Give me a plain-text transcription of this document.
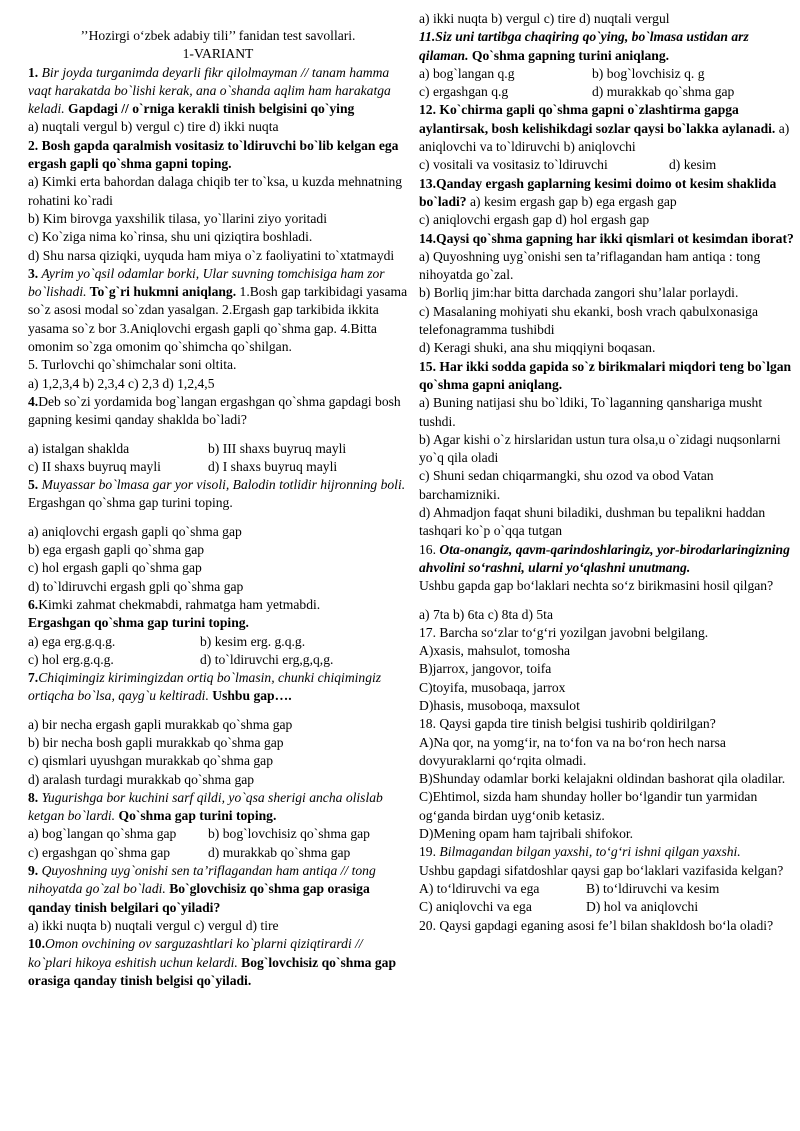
’’Hozirgi o‘zbek adabiy tili’’ fanidan test savollari.
1-VARIANT

1. Bir joyda turganimda deyarli fikr qilolmayman // tanam hamma vaqt harakatda bo`lishi kerak, ana o`shanda aqlim ham harakatga keladi. Gapdagi // o`rniga kerakli tinish belgisini qo`ying

a) nuqtali vergul b) vergul c) tire d) ikki nuqta

2. Bosh gapda qaralmish vositasiz to`ldiruvchi bo`lib kelgan ega ergash gapli qo`shma gapni toping.

a) Kimki erta bahordan dalaga chiqib ter to`ksa, u kuzda mehnatning rohatini ko`radi

b) Kim birovga yaxshilik tilasa, yo`llarini ziyo yoritadi

c) Ko`ziga nima ko`rinsa, shu uni qiziqtira boshladi.

d) Shu narsa qiziqki, uyquda ham miya o`z faoliyatini to`xtatmaydi

3. Ayrim yo`qsil odamlar borki, Ular suvning tomchisiga ham zor bo`lishadi. To`g`ri hukmni aniqlang. 1.Bosh gap tarkibidagi yasama so`z asosi modal so`zdan yasalgan. 2.Ergash gap tarkibida ikkita yasama so`z bor 3.Aniqlovchi ergash gapli qo`shma gap. 4.Bitta omonim so`zga omonim qo`shimcha qo`shilgan.

5. Turlovchi qo`shimchalar soni oltita.

a) 1,2,3,4 b) 2,3,4 c) 2,3 d) 1,2,4,5

4.Deb so`zi yordamida bog`langan ergashgan qo`shma gapdagi bosh gapning kesimi qanday shaklda bo`ladi?

a) istalgan shaklda	b) III shaxs buyruq mayli
c) II shaxs buyruq mayli	d) I shaxs buyruq mayli

5. Muyassar bo`lmasa gar yor visoli, Balodin totlidir hijronning boli. Ergashgan qo`shma gap turini toping.

a) aniqlovchi ergash gapli qo`shma gap

b) ega ergash gapli qo`shma gap

c) hol ergash gapli qo`shma gap

d) to`ldiruvchi ergash gpli qo`shma gap

6.Kimki zahmat chekmabdi, rahmatga ham yetmabdi.

Ergashgan qo`shma gap turini toping.

a) ega erg.g.q.g.	b) kesim erg. g.q.g.
c) hol erg.g.q.g.	d) to`ldiruvchi erg,g,q,g.

7.Chiqimingiz kirimingizdan ortiq bo`lmasin, chunki chiqimingiz ortiqcha bo`lsa, qayg`u keltiradi. Ushbu gap….

a) bir necha ergash gapli murakkab qo`shma gap

b) bir necha bosh gapli murakkab qo`shma gap

c) qismlari uyushgan murakkab qo`shma gap

d) aralash turdagi murakkab qo`shma gap

8. Yugurishga bor kuchini sarf qildi, yo`qsa sherigi ancha olislab ketgan bo`lardi. Qo`shma gap turini toping.

a) bog`langan qo`shma gap	b) bog`lovchisiz qo`shma gap
c) ergashgan qo`shma gap	d) murakkab qo`shma gap

9. Quyoshning uyg`onishi sen ta’riflagandan ham antiqa // tong nihoyatda go`zal bo`ladi. Bo`glovchisiz qo`shma gap orasiga qanday tinish belgilari qo`yiladi?

a) ikki nuqta b) nuqtali vergul c) vergul d) tire

10.Omon ovchining ov sarguzashtlari ko`plarni qiziqtirardi // ko`plari hikoya eshitish uchun kelardi. Bog`lovchisiz qo`shma gap orasiga qanday tinish belgisi qo`yiladi.

a) ikki nuqta b) vergul c) tire d) nuqtali vergul

11.Siz uni tartibga chaqiring qo`ying, bo`lmasa ustidan arz qilaman. Qo`shma gapning turini aniqlang.

a) bog`langan q.g	b) bog`lovchisiz q. g
c) ergashgan q.g	d) murakkab qo`shma gap

12. Ko`chirma gapli qo`shma gapni o`zlashtirma gapga aylantirsak, bosh kelishikdagi sozlar qaysi bo`lakka aylanadi. a) aniqlovchi va to`ldiruvchi b) aniqlovchi

c) vositali va vositasiz to`ldiruvchi	d) kesim

13.Qanday ergash gaplarning kesimi doimo ot kesim shaklida bo`ladi? a) kesim ergash gap b) ega ergash gap

c) aniqlovchi ergash gap d) hol ergash gap

14.Qaysi qo`shma gapning har ikki qismlari ot kesimdan iborat?

a) Quyoshning uyg`onishi sen ta’riflagandan ham antiqa : tong nihoyatda go`zal.

b) Borliq jim:har bitta darchada zangori shu’lalar porlaydi.

c) Masalaning mohiyati shu ekanki, bosh vrach qabulxonasiga telefonagramma tushibdi

d) Keragi shuki, ana shu miqqiyni boqasan.

15. Har ikki sodda gapida so`z birikmalari miqdori teng bo`lgan qo`shma gapni aniqlang.

a) Buning natijasi shu bo`ldiki, To`laganning qanshariga musht tushdi.

b) Agar kishi o`z hirslaridan ustun tura olsa,u o`zidagi nuqsonlarni yo`q qila oladi

c) Shuni sedan chiqarmangki, shu ozod va obod Vatan barchamiznikі.

d) Ahmadjon faqat shuni biladiki, dushman bu tepalikni haddan tashqari ko`p o`qqa tutgan

16. Ota-onangiz, qavm-qarindoshlaringiz, yor-birodarlaringizning ahvolini so‘rashni, ularni yo‘qlashni unutmang.

Ushbu gapda gap bo‘laklari nechta so‘z birikmasini hosil qilgan?

a) 7ta b) 6ta c) 8ta d) 5ta

17. Barcha so‘zlar to‘g‘ri yozilgan javobni belgilang.

A)xasis, mahsulot, tomosha

B)jarrox, jangovor, toifa

C)toyifa, musobaqa, jarrox

D)hasis, musoboqa, maxsulot

18. Qaysi gapda tire tinish belgisi tushirib qoldirilgan?

A)Na qor, na yomg‘ir, na to‘fon va na bo‘ron hech narsa dovyuraklarni qo‘rqita olmadi.

B)Shunday odamlar borki kelajakni oldindan bashorat qila oladilar.

C)Ehtimol, sizda ham shunday holler bo‘lgandir tun yarmidan og‘ganda birdan uyg‘onib ketasiz.

D)Mening opam ham tajribali shifokor.

19. Bilmagandan bilgan yaxshi, to‘g‘ri ishni qilgan yaxshi.

Ushbu gapdagi sifatdoshlar qaysi gap bo‘laklari vazifasida kelgan?

A) to‘ldiruvchi va ega	B) to‘ldiruvchi va kesim
C) aniqlovchi va ega	D) hol va aniqlovchi

20. Qaysi gapdagi eganing asosi fe’l bilan shakldosh bo‘la oladi?
